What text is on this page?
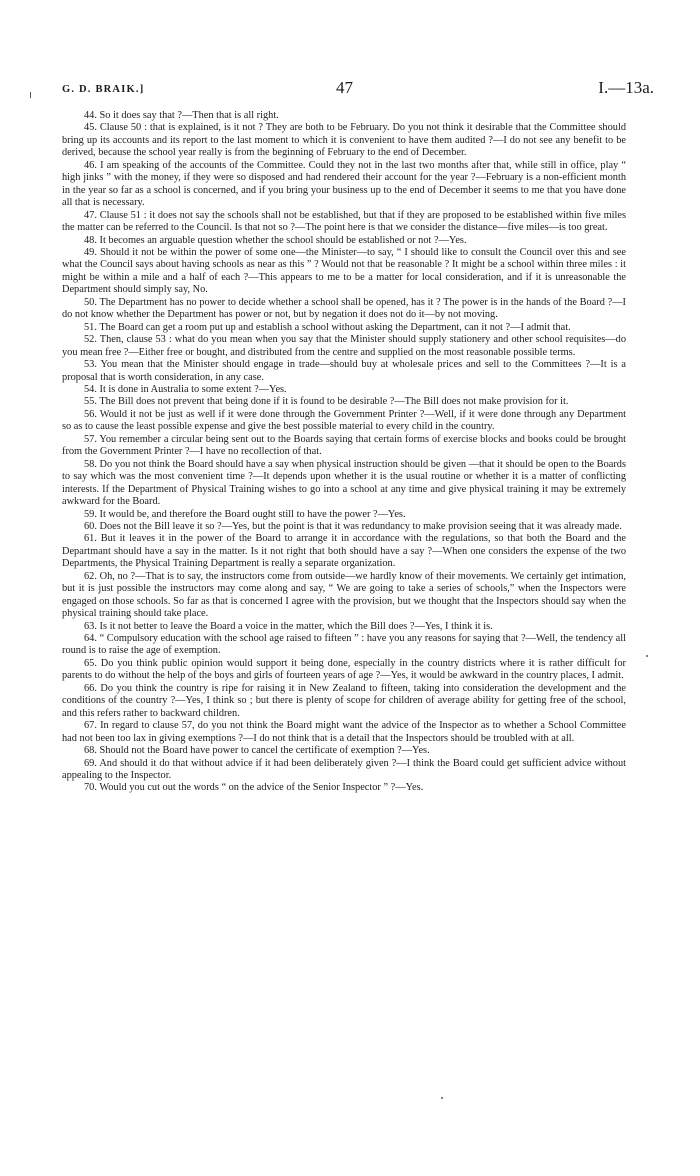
G. D. BRAIK.]	47	I.—13a.

44. So it does say that ?—Then that is all right.

45. Clause 50 : that is explained, is it not ? They are both to be February. Do you not think it desirable that the Committee should bring up its accounts and its report to the last moment to which it is convenient to have them audited ?—I do not see any benefit to be derived, because the school year really is from the beginning of February to the end of December.

46. I am speaking of the accounts of the Committee. Could they not in the last two months after that, while still in office, play “ high jinks ” with the money, if they were so disposed and had rendered their account for the year ?—February is a non-efficient month in the year so far as a school is concerned, and if you bring your business up to the end of December it seems to me that you have done all that is necessary.

47. Clause 51 : it does not say the schools shall not be established, but that if they are proposed to be established within five miles the matter can be referred to the Council. Is that not so ?—The point here is that we consider the distance—five miles—is too great.

48. It becomes an arguable question whether the school should be established or not ?—Yes.

49. Should it not be within the power of some one—the Minister—to say, “ I should like to consult the Council over this and see what the Council says about having schools as near as this ” ? Would not that be reasonable ? It might be a school within three miles : it might be within a mile and a half of each ?—This appears to me to be a matter for local consideration, and if it is unreasonable the Department should simply say, No.

50. The Department has no power to decide whether a school shall be opened, has it ? The power is in the hands of the Board ?—I do not know whether the Department has power or not, but by negation it does not do it—by not moving.

51. The Board can get a room put up and establish a school without asking the Department, can it not ?—I admit that.

52. Then, clause 53 : what do you mean when you say that the Minister should supply stationery and other school requisites—do you mean free ?—Either free or bought, and distributed from the centre and supplied on the most reasonable possible terms.

53. You mean that the Minister should engage in trade—should buy at wholesale prices and sell to the Committees ?—It is a proposal that is worth consideration, in any case.

54. It is done in Australia to some extent ?—Yes.

55. The Bill does not prevent that being done if it is found to be desirable ?—The Bill does not make provision for it.

56. Would it not be just as well if it were done through the Government Printer ?—Well, if it were done through any Department so as to cause the least possible expense and give the best possible material to every child in the country.

57. You remember a circular being sent out to the Boards saying that certain forms of exercise blocks and books could be brought from the Government Printer ?—I have no recollection of that.

58. Do you not think the Board should have a say when physical instruction should be given —that it should be open to the Boards to say which was the most convenient time ?—It depends upon whether it is the usual routine or whether it is a matter of conflicting interests. If the Department of Physical Training wishes to go into a school at any time and give physical training it may be extremely awkward for the Board.

59. It would be, and therefore the Board ought still to have the power ?—Yes.

60. Does not the Bill leave it so ?—Yes, but the point is that it was redundancy to make provision seeing that it was already made.

61. But it leaves it in the power of the Board to arrange it in accordance with the regulations, so that both the Board and the Departmant should have a say in the matter. Is it not right that both should have a say ?—When one considers the expense of the two Departments, the Physical Training Department is really a separate organization.

62. Oh, no ?—That is to say, the instructors come from outside—we hardly know of their movements. We certainly get intimation, but it is just possible the instructors may come along and say, “ We are going to take a series of schools,” when the Inspectors were engaged on those schools. So far as that is concerned I agree with the provision, but we thought that the Inspectors should say when the physical training should take place.

63. Is it not better to leave the Board a voice in the matter, which the Bill does ?—Yes, I think it is.

64. “ Compulsory education with the school age raised to fifteen ” : have you any reasons for saying that ?—Well, the tendency all round is to raise the age of exemption.

65. Do you think public opinion would support it being done, especially in the country districts where it is rather difficult for parents to do without the help of the boys and girls of fourteen years of age ?—Yes, it would be awkward in the country places, I admit.

66. Do you think the country is ripe for raising it in New Zealand to fifteen, taking into consideration the development and the conditions of the country ?—Yes, I think so ; but there is plenty of scope for children of average ability for getting free of the school, and this refers rather to backward children.

67. In regard to clause 57, do you not think the Board might want the advice of the Inspector as to whether a School Committee had not been too lax in giving exemptions ?—I do not think that is a detail that the Inspectors should be troubled with at all.

68. Should not the Board have power to cancel the certificate of exemption ?—Yes.

69. And should it do that without advice if it had been deliberately given ?—I think the Board could get sufficient advice without appealing to the Inspector.

70. Would you cut out the words “ on the advice of the Senior Inspector ” ?—Yes.
